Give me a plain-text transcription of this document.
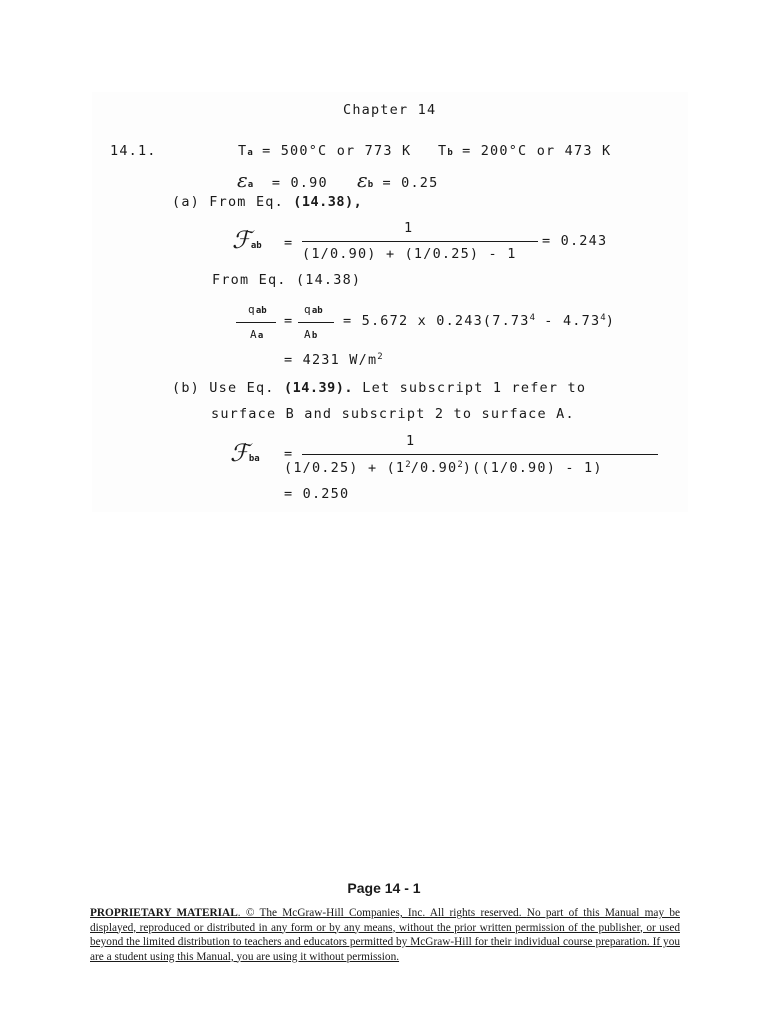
Chapter 14
14.1.	Ta = 500°C or 773 K Tb = 200°C or 473 K
εa = 0.90 εb = 0.25
(a) From Eq. (14.38),
ℱab =
1
(1/0.90) + (1/0.25) - 1
= 0.243
From Eq. (14.38)
qab
Aa
=
qab
Ab
= 5.672 x $0.243(7.73^4 - 4.73^4)$
= 4231 $W/m^2$
(b) Use Eq. (14.39). Let subscript 1 refer to
surface B and subscript 2 to surface A.
ℱba =
1
$(1/0.25) + (1^2/0.90^2)((1/0.90) - 1)$
= 0.250
Page 14 - 1
PROPRIETARY MATERIAL. © The McGraw-Hill Companies, Inc. All rights reserved. No part of this Manual may be displayed, reproduced or distributed in any form or by any means, without the prior written permission of the publisher, or used beyond the limited distribution to teachers and educators permitted by McGraw-Hill for their individual course preparation. If you are a student using this Manual, you are using it without permission.
